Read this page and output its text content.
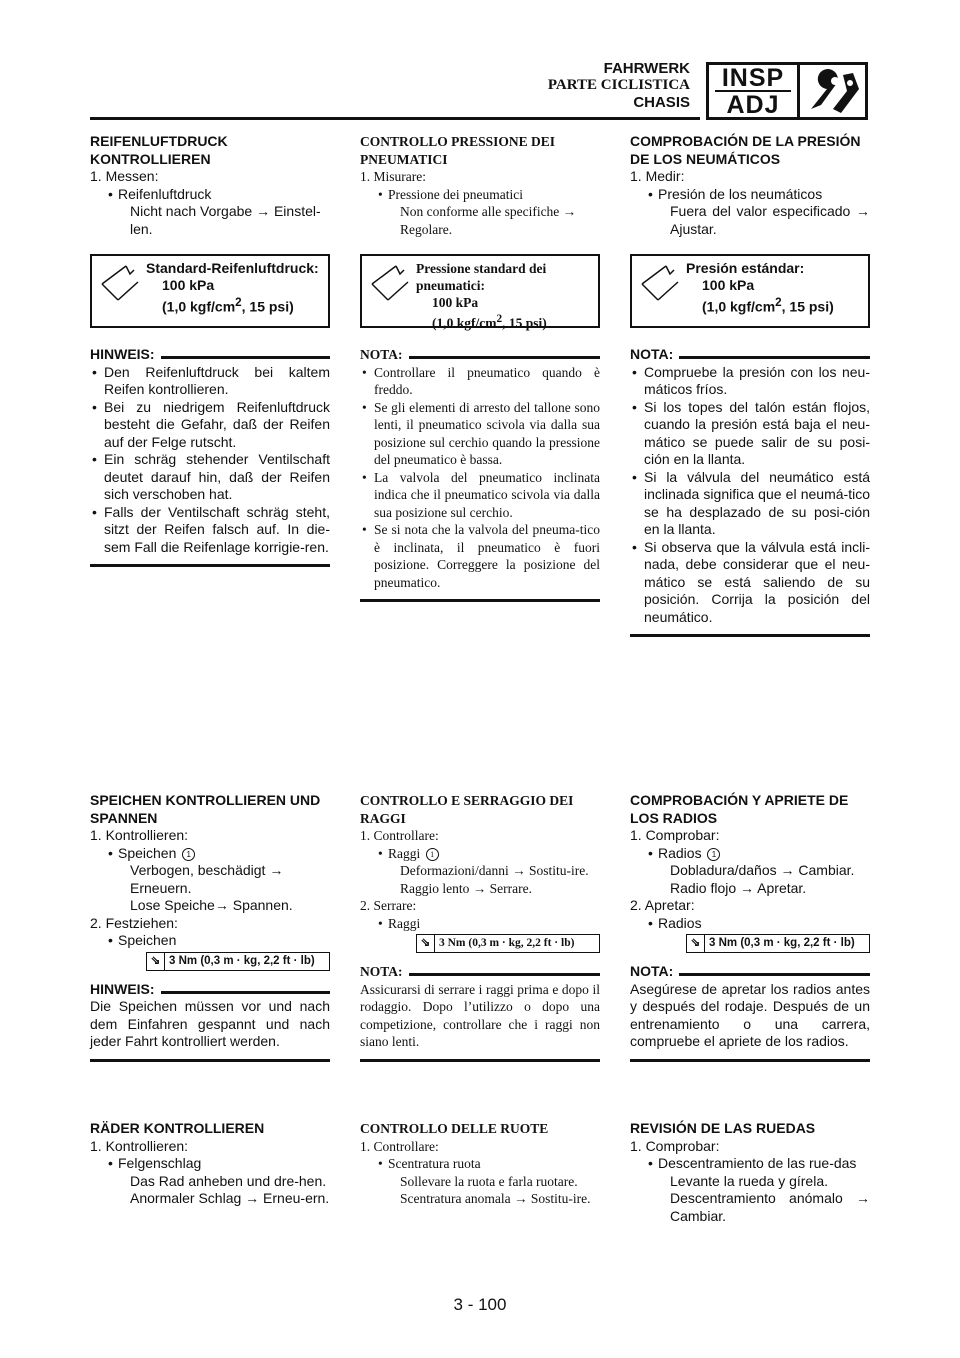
FAHRWERK
PARTE CICLISTICA
CHASIS
INSP
ADJ

REIFENLUFTDRUCK KONTROLLIEREN

1. Messen:

• Reifenluftdruck

Nicht nach Vorgabe → Einstel-len.

Standard-Reifenluftdruck:
100 kPa
(1,0 kgf/$cm^2$, 15 psi)
HINWEIS:

• Den Reifenluftdruck bei kaltem Reifen kontrollieren.

• Bei zu niedrigem Reifenluftdruck besteht die Gefahr, daß der Reifen auf der Felge rutscht.

• Ein schräg stehender Ventilschaft deutet darauf hin, daß der Reifen sich verschoben hat.

• Falls der Ventilschaft schräg steht, sitzt der Reifen falsch auf. In die-sem Fall die Reifenlage korrigie-ren.

CONTROLLO PRESSIONE DEI PNEUMATICI

1. Misurare:

• Pressione dei pneumatici

Non conforme alle specifiche → Regolare.

Pressione standard dei pneumatici:
100 kPa
(1,0 kgf/$cm^2$, 15 psi)
NOTA:

• Controllare il pneumatico quando è freddo.

• Se gli elementi di arresto del tallone sono lenti, il pneumatico scivola via dalla sua posizione sul cerchio quando la pressione del pneumatico è bassa.

• La valvola del pneumatico inclinata indica che il pneumatico scivola via dalla sua posizione sul cerchio.

• Se si nota che la valvola del pneuma-tico è inclinata, il pneumatico è fuori posizione. Correggere la posizione del pneumatico.

COMPROBACIÓN DE LA PRESIÓN DE LOS NEUMÁTICOS

1. Medir:

• Presión de los neumáticos

Fuera del valor especificado → Ajustar.

Presión estándar:
100 kPa
(1,0 kgf/$cm^2$, 15 psi)
NOTA:

• Compruebe la presión con los neu-máticos fríos.

• Si los topes del talón están flojos, cuando la presión está baja el neu-mático se puede salir de su posi-ción en la llanta.

• Si la válvula del neumático está inclinada significa que el neumá-tico se ha desplazado de su posi-ción en la llanta.

• Si observa que la válvula está incli-nada, debe considerar que el neu-mático se está saliendo de su posición. Corrija la posición del neumático.

SPEICHEN KONTROLLIEREN UND SPANNEN

1. Kontrollieren:

• Speichen 1

Verbogen, beschädigt →

Erneuern.

Lose Speiche→ Spannen.

2. Festziehen:

• Speichen

⇘ 3 Nm (0,3 m · kg, 2,2 ft · lb)
HINWEIS:

Die Speichen müssen vor und nach dem Einfahren gespannt und nach jeder Fahrt kontrolliert werden.

CONTROLLO E SERRAGGIO DEI RAGGI

1. Controllare:

• Raggi 1

Deformazioni/danni → Sostitu-ire.

Raggio lento → Serrare.

2. Serrare:

• Raggi

⇘ 3 Nm (0,3 m · kg, 2,2 ft · lb)
NOTA:

Assicurarsi di serrare i raggi prima e dopo il rodaggio. Dopo l’utilizzo o dopo una competizione, controllare che i raggi non siano lenti.

COMPROBACIÓN Y APRIETE DE LOS RADIOS

1. Comprobar:

• Radios 1

Dobladura/daños → Cambiar.

Radio flojo → Apretar.

2. Apretar:

• Radios

⇘ 3 Nm (0,3 m · kg, 2,2 ft · lb)
NOTA:

Asegúrese de apretar los radios antes y después del rodaje. Después de un entrenamiento o una carrera, compruebe el apriete de los radios.

RÄDER KONTROLLIEREN

1. Kontrollieren:

• Felgenschlag

Das Rad anheben und dre-hen.

Anormaler Schlag → Erneu-ern.

CONTROLLO DELLE RUOTE

1. Controllare:

• Scentratura ruota

Sollevare la ruota e farla ruotare.

Scentratura anomala → Sostitu-ire.

REVISIÓN DE LAS RUEDAS

1. Comprobar:

• Descentramiento de las rue-das

Levante la rueda y gírela.

Descentramiento anómalo → Cambiar.

3 - 100
